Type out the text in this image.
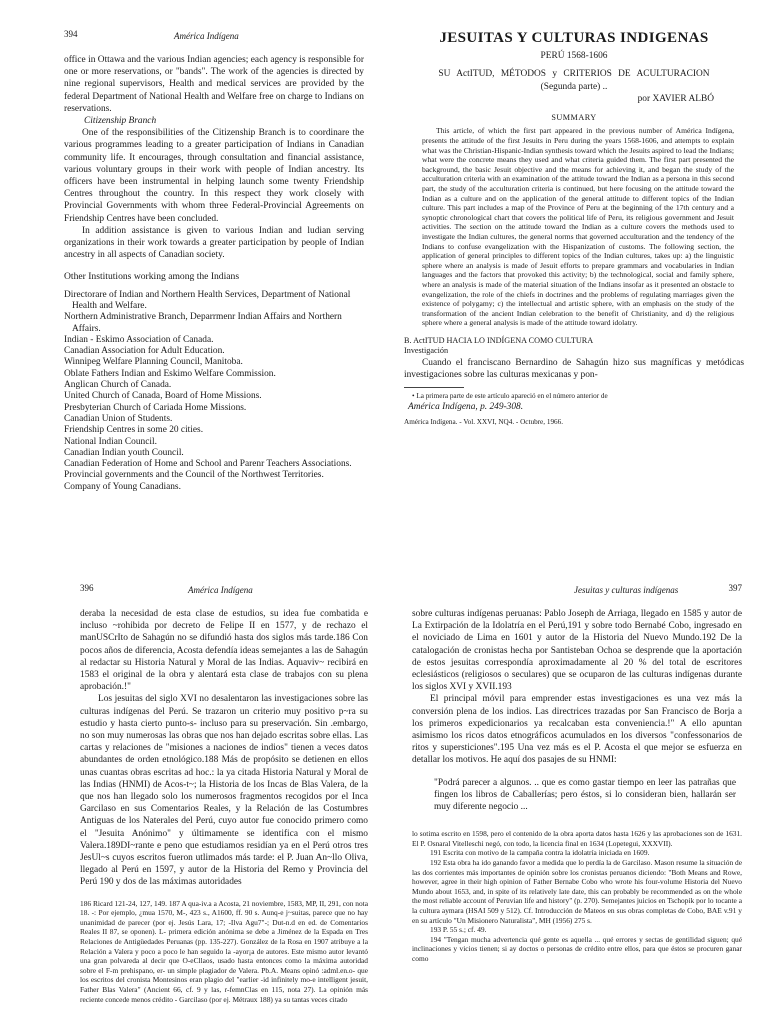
394	América Indígena

office in Ottawa and the various Indian agencies; each agency is responsible for one or more reservations, or "bands". The work of the agencies is directed by nine regional supervisors, Health and medical services are provided by the federal Department of National Health and Welfare free on charge to Indians on reservations.

Citizenship Branch

One of the responsibilities of the Citizenship Branch is to coordinare the various programmes leading to a greater participation of Indians in Canadian community life. It encourages, through consultation and financial assistance, various voluntary groups in their work with people of Indian ancestry. Its officers have been instrumental in helping launch some twenty Friendship Centres throughout the country. In this respect they work closely with Provincial Governments with whom three Federal-Provincial Agreements on Friendship Centres have been concluded.

In addition assistance is given to various Indian and ludian serving organizations in their work towards a greater participation by people of Indian ancestry in all aspects of Canadian society.

Other Institutions working among the Indians

Directorare of Indian and Northern Health Services, Department of National Health and Welfare.

Northern Administrative Branch, Deparrmenr Indian Affairs and Northern Affairs.

Indian - Eskimo Association of Canada.

Canadian Association for Adult Education.

Winnipeg Welfare Planning Council, Manitoba.

Oblate Fathers Indian and Eskimo Welfare Commission.

Anglican Church of Canada.

United Church of Canada, Board of Home Missions.

Presbyterian Church of Cariada Home Missions.

Canadian Union of Students.

Friendship Centres in some 20 cities.

National Indian Council.

Canadian Indian youth Council.

Canadian Federation of Home and School and Parenr Teachers Associations.

Provincial governments and the Council of the Northwest Territories.

Company of Young Canadians.

JESUITAS Y CULTURAS INDIGENAS

PERÚ 1568-1606

SU ActITUD, MÉTODOS y CRITERIOS DE ACULTURACION

(Segunda parte) ..

por XAVIER ALBÓ

SUMMARY

This article, of which the first part appeared in the previous number of América Indígena, presents the attitude of the first Jesuits in Peru during the years 1568-1606, and attempts to explain what was the Christian-Hispanic-Indian synthesis toward which the Jesuits aspired to lead the Indians; what were the concrete means they used and what criteria guided them. The first part presented the background, the basic Jesuit objective and the means for achieving it, and began the study of the acculturation criteria with an examination of the attitude toward the Indian as a persona in this second part, the study of the acculturation criteria is continued, but here focusing on the attitude toward the Indian as a culture and on the application of the general attitude to different topics of the Indian culture. This part includes a map of the Province of Peru at the beginning of the 17th century and a synoptic chronological chart that covers the political life of Peru, its religious government and Jesuit activities. The section on the attitude toward the Indian as a culture covers the methods used to investigate the Indian cultures, the general norms that governed acculturation and the tendency of the Indians to confuse evangelization with the Hispanization of customs. The following section, the application of general principles to different topics of the Indian cultures, takes up: a) the linguistic sphere where an analysis is made of Jesuit efforts to prepare grammars and vocabularies in Indian languages and the factors that provoked this activity; b) the technological, social and family sphere, where an analysis is made of the material situation of the Indians insofar as it presented an obstacle to evangelization, the role of the chiefs in doctrines and the problems of regulating marriages given the existence of polygamy; c) the intellectual and artistic sphere, with an emphasis on the study of the transformation of the ancient Indian celebration to the benefit of Christianity, and d) the religious sphere where a general analysis is made of the attitude toward idolatry.

B. ActITUD HACIA LO INDÍGENA COMO CULTURA

Investigación

Cuando el franciscano Bernardino de Sahagún hizo sus magníficas y metódicas investigaciones sobre las culturas mexicanas y pon-

• La primera parte de este artículo apareció en el número anterior de

América Indígena, p. 249-308.

América Indígena. - Vol. XXVI, NQ4. - Octubre, 1966.

396	América Indígena

deraba la necesidad de esta clase de estudios, su idea fue combatida e incluso ~rohibida por decreto de Felipe II en 1577, y de rechazo el manUSCrIto de Sahagún no se difundió hasta dos siglos más tarde.186 Con pocos años de diferencia, Acosta defendía ideas semejantes a las de Sahagún al redactar su Historia Natural y Moral de las Indias. Aquaviv~ recibirá en 1583 el original de la obra y alentará esta clase de trabajos con su plena aprobación.!"

Los jesuitas del siglo XVI no desalentaron las investigaciones sobre las culturas indígenas del Perú. Se trazaron un criterio muy positivo p~ra su estudio y hasta cierto punto-s- incluso para su preservación. Sin .embargo, no son muy numerosas las obras que nos han dejado escritas sobre ellas. Las cartas y relaciones de "misiones a naciones de indios" tienen a veces datos abundantes de orden etnológico.188 Más de propósito se detienen en ellos unas cuantas obras escritas ad hoc.: la ya citada Historia Natural y Moral de las Indias (HNMI) de Acos-t~; la Historia de los Incas de Blas Valera, de la que nos han llegado solo los numerosos fragmentos recogidos por el Inca Garcilaso en sus Comentarios Reales, y la Relación de las Costumbres Antiguas de los Naterales del Perú, cuyo autor fue conocido primero como el "Jesuita Anónimo" y últimamente se identifica con el mismo Valera.189DI~rante e peno que estudiamos residían ya en el Perú otros tres JesUl~s cuyos escritos fueron utlimados más tarde: el P. Juan An~llo Oliva, llegado al Perú en 1597, y autor de la Historia del Remo y Provincia del Perú 190 y dos de las máximas autoridades

186 Ricard 121-24, 127, 149. 187 A qua-iv.a a Acosta, 21 noviembre, 1583, MP, II, 291, con nota 18. -: Por ejemplo, ¿mua 1570, M-, 423 s., A1600, ff. 90 s. Aunq-e j~suitas, parece que no hay unanimidad de parecer (por ej. Jesús Lara, 17; -Ilva Agu7"-; Dut-n.d en ed. de Comentarios Reales II 87, se oponen). L- primera edición anónima se debe a Jiménez de la Espada en Tres Relaciones de Antigüedades Peruanas (pp. 135-227). González de la Rosa en 1907 atribuye a la Relación a Valera y poco a poco le han seguido la -ayor¡a de autores. Este mismo autor levantó una gran polvareda al decir que O-eCllaos, usado hasta entonces como la máxima autoridad sobre el F-m prehispano, er- un simple plagiador de Valera. Pb.A. Means opinó :adml.en.o- que los escritos del cronista Montesinos eran plagio del "earlier -id infinitely mo-e intelligent jesuit, Father Blas Valera" (Ancient 66, cf. 9 y las, r-femnClas en 115, nota 27). La opinión más reciente concede menos crédito - Garcilaso (por ej. Métraux 188) ya su tantas veces citado

Jesuitas y culturas indígenas	397

sobre culturas indígenas peruanas: Pablo Joseph de Arriaga, llegado en 1585 y autor de La Extirpación de la Idolatría en el Perú,191 y sobre todo Bernabé Cobo, ingresado en el noviciado de Lima en 1601 y autor de la Historia del Nuevo Mundo.192 De la catalogación de cronistas hecha por Santisteban Ochoa se desprende que la aportación de estos jesuitas correspondía aproximadamente al 20 % del total de escritores eclesiásticos (religiosos o seculares) que se ocuparon de las culturas indígenas durante los siglos XVI y XVII.193

El principal móvil para emprender estas investigaciones es una vez más la conversión plena de los indios. Las directrices trazadas por San Francisco de Borja a los primeros expedicionarios ya recalcaban esta conveniencia.!" A ello apuntan asimismo los ricos datos etnográficos acumulados en los diversos "confessonarios de ritos y supersticiones".195 Una vez más es el P. Acosta el que mejor se esfuerza en detallar los motivos. He aquí dos pasajes de su HNMI:

"Podrá parecer a algunos. .. que es como gastar tiempo en leer las patrañas que fingen los libros de Caballerías; pero éstos, si lo consideran bien, hallarán ser muy diferente negocio ...

lo sotima escrito en 1598, pero el contenido de la obra aporta datos hasta 1626 y las aprobaciones son de 1631. El P. Osnaral Vitelleschi negó, con todo, la licencia final en 1634 (Lopetegui, XXXVII).

191 Escrita con motivo de la campaña contra la idolatría iniciada en 1609.

192 Esta obra ha ido ganando favor a medida que lo perdía la de Garcilaso. Mason resume la situación de las dos corrientes más importantes de opinión sobre los cronistas peruanos diciendo: "Both Means and Rowe, however, agree in their high opinion of Father Bernabe Cobo who wrote his four-volume Historia del Nuevo Mundo about 1653, and, in spite of its relatively late date, this can probably be recommended as on the whole the most reliable account of Peruvian life and history" (p. 270). Semejantes juicios en Tschopik por lo tocante a la cultura aymara (HSAI 509 y 512). Cf. Introducción de Mateos en sus obras completas de Cobo, BAE v.91 y en su artículo "Un Misionero Naturalista", MH (1956) 275 s.

193 P. 55 s.; cf. 49.

194 "Tengan mucha advertencia qué gente es aquella ... qué errores y sectas de gentilidad siguen; qué inclinaciones y vicios tienen; si ay doctos o personas de crédito entre ellos, para que éstos se procuren ganar como
